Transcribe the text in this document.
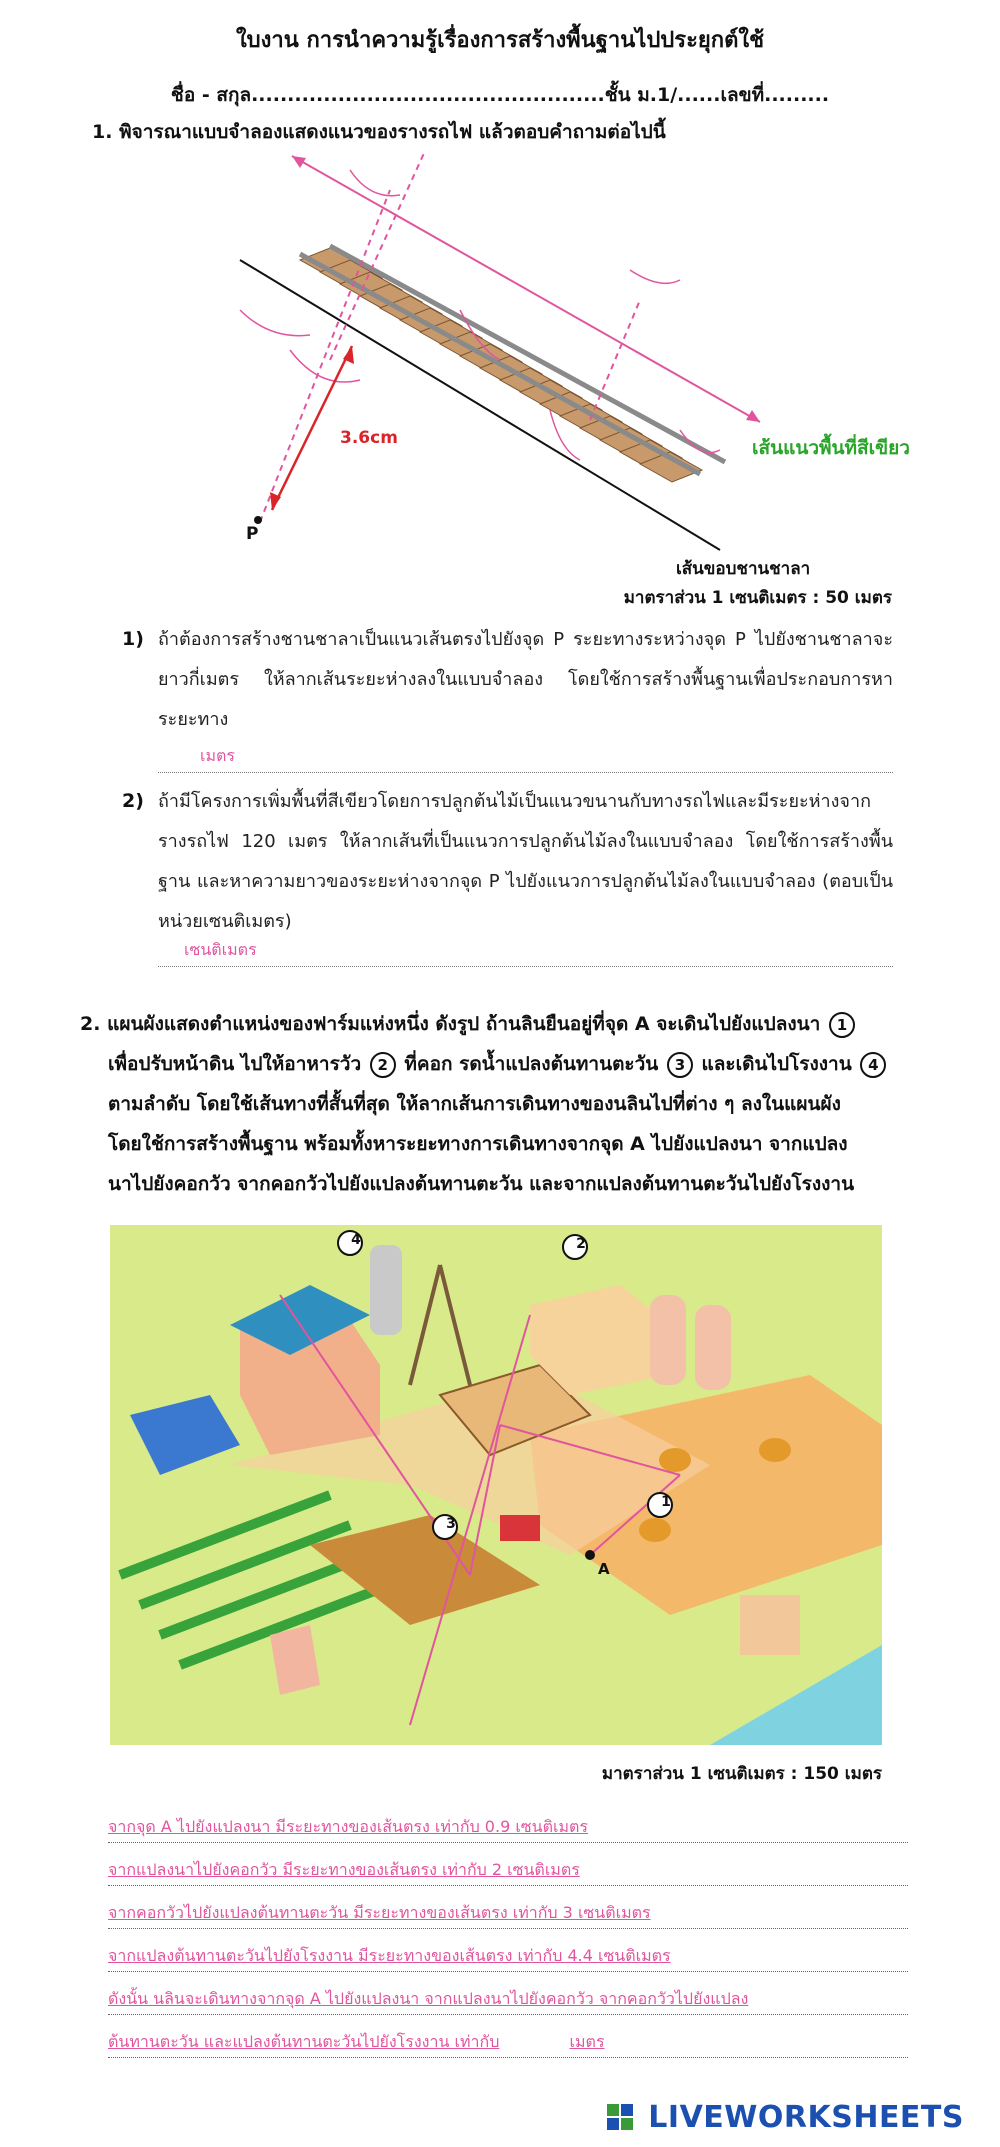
ใบงาน การนำความรู้เรื่องการสร้างพื้นฐานไปประยุกต์ใช้
ชื่อ - สกุล.................................................ชั้น ม.1/......เลขที่.........
1. พิจารณาแบบจำลองแสดงแนวของรางรถไฟ แล้วตอบคำถามต่อไปนี้
3.6cm
P
เส้นแนวพื้นที่สีเขียว
เส้นขอบชานชาลา
มาตราส่วน 1 เซนติเมตร : 50 เมตร
1) ถ้าต้องการสร้างชานชาลาเป็นแนวเส้นตรงไปยังจุด P ระยะทางระหว่างจุด P ไปยังชานชาลาจะยาวกี่เมตร ให้ลากเส้นระยะห่างลงในแบบจำลอง โดยใช้การสร้างพื้นฐานเพื่อประกอบการหาระยะทาง
เมตร
2) ถ้ามีโครงการเพิ่มพื้นที่สีเขียวโดยการปลูกต้นไม้เป็นแนวขนานกับทางรถไฟและมีระยะห่างจากรางรถไฟ 120 เมตร ให้ลากเส้นที่เป็นแนวการปลูกต้นไม้ลงในแบบจำลอง โดยใช้การสร้างพื้นฐาน และหาความยาวของระยะห่างจากจุด P ไปยังแนวการปลูกต้นไม้ลงในแบบจำลอง (ตอบเป็นหน่วยเซนติเมตร)
เซนติเมตร
2. แผนผังแสดงตำแหน่งของฟาร์มแห่งหนึ่ง ดังรูป ถ้านลินยืนอยู่ที่จุด A จะเดินไปยังแปลงนา 1
เพื่อปรับหน้าดิน ไปให้อาหารวัว 2 ที่คอก รดน้ำแปลงต้นทานตะวัน 3 และเดินไปโรงงาน 4
ตามลำดับ โดยใช้เส้นทางที่สั้นที่สุด ให้ลากเส้นการเดินทางของนลินไปที่ต่าง ๆ ลงในแผนผัง
โดยใช้การสร้างพื้นฐาน พร้อมทั้งหาระยะทางการเดินทางจากจุด A ไปยังแปลงนา จากแปลง
นาไปยังคอกวัว จากคอกวัวไปยังแปลงต้นทานตะวัน และจากแปลงต้นทานตะวันไปยังโรงงาน
4	2
1
3
A
มาตราส่วน 1 เซนติเมตร : 150 เมตร
จากจุด A ไปยังแปลงนา มีระยะทางของเส้นตรง เท่ากับ 0.9 เซนติเมตร
จากแปลงนาไปยังคอกวัว มีระยะทางของเส้นตรง เท่ากับ 2 เซนติเมตร
จากคอกวัวไปยังแปลงต้นทานตะวัน มีระยะทางของเส้นตรง เท่ากับ 3 เซนติเมตร
จากแปลงต้นทานตะวันไปยังโรงงาน มีระยะทางของเส้นตรง เท่ากับ 4.4 เซนติเมตร
ดังนั้น นลินจะเดินทางจากจุด A ไปยังแปลงนา จากแปลงนาไปยังคอกวัว จากคอกวัวไปยังแปลง
ต้นทานตะวัน และแปลงต้นทานตะวันไปยังโรงงาน เท่ากับ	เมตร
LIVEWORKSHEETS
